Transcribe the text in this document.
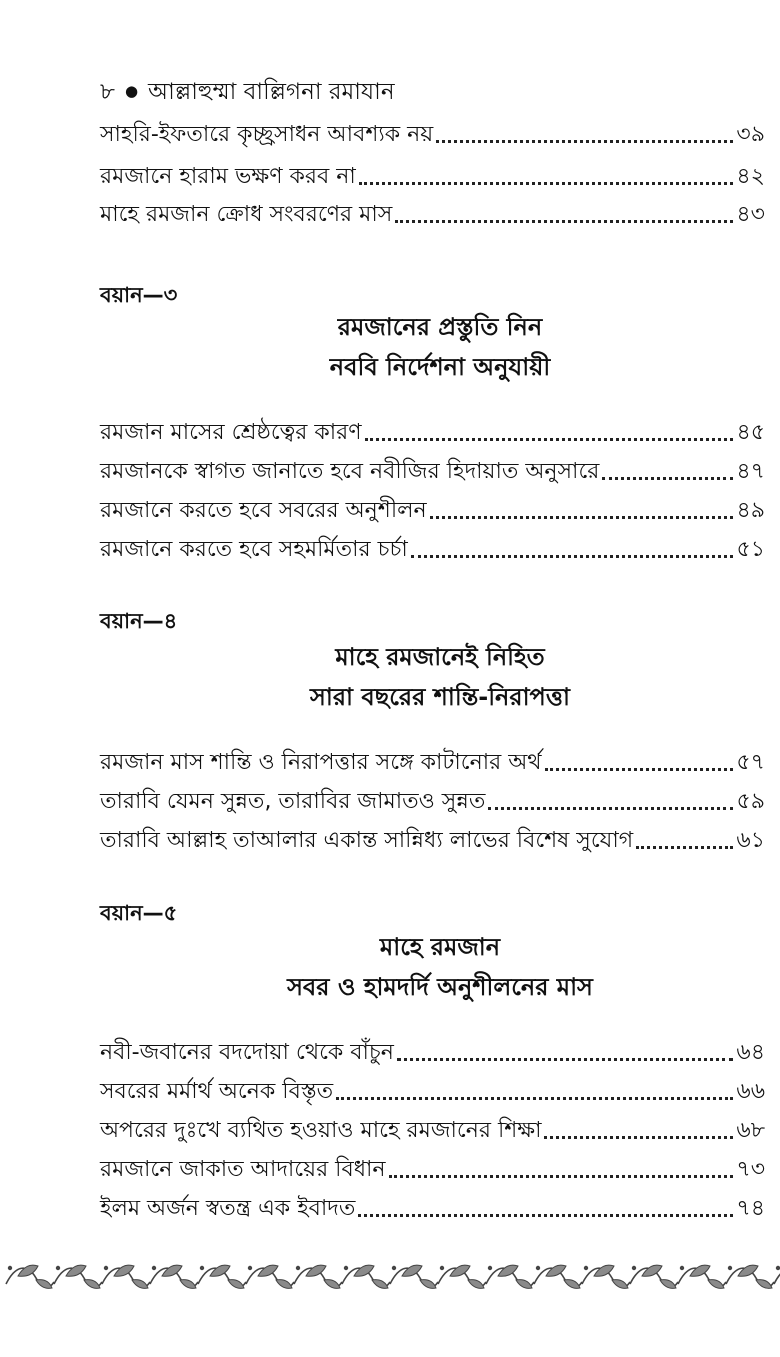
৮ ● আল্লাহুম্মা বাল্লিগনা রমাযান
সাহরি-ইফতারে কৃচ্ছ্রসাধন আবশ্যক নয়	৩৯
রমজানে হারাম ভক্ষণ করব না	৪২
মাহে রমজান ক্রোধ সংবরণের মাস	৪৩
বয়ান—৩
রমজানের প্রস্তুতি নিন
নববি নির্দেশনা অনুযায়ী
রমজান মাসের শ্রেষ্ঠত্বের কারণ	৪৫
রমজানকে স্বাগত জানাতে হবে নবীজির হিদায়াত অনুসারে	৪৭
রমজানে করতে হবে সবরের অনুশীলন	৪৯
রমজানে করতে হবে সহমর্মিতার চর্চা	৫১
বয়ান—৪
মাহে রমজানেই নিহিত
সারা বছরের শান্তি-নিরাপত্তা
রমজান মাস শান্তি ও নিরাপত্তার সঙ্গে কাটানোর অর্থ	৫৭
তারাবি যেমন সুন্নত, তারাবির জামাতও সুন্নত	৫৯
তারাবি আল্লাহ তাআলার একান্ত সান্নিধ্য লাভের বিশেষ সুযোগ	৬১
বয়ান—৫
মাহে রমজান
সবর ও হামদর্দি অনুশীলনের মাস
নবী-জবানের বদদোয়া থেকে বাঁচুন	৬৪
সবরের মর্মার্থ অনেক বিস্তৃত	৬৬
অপরের দুঃখে ব্যথিত হওয়াও মাহে রমজানের শিক্ষা	৬৮
রমজানে জাকাত আদায়ের বিধান	৭৩
ইলম অর্জন স্বতন্ত্র এক ইবাদত	৭৪
